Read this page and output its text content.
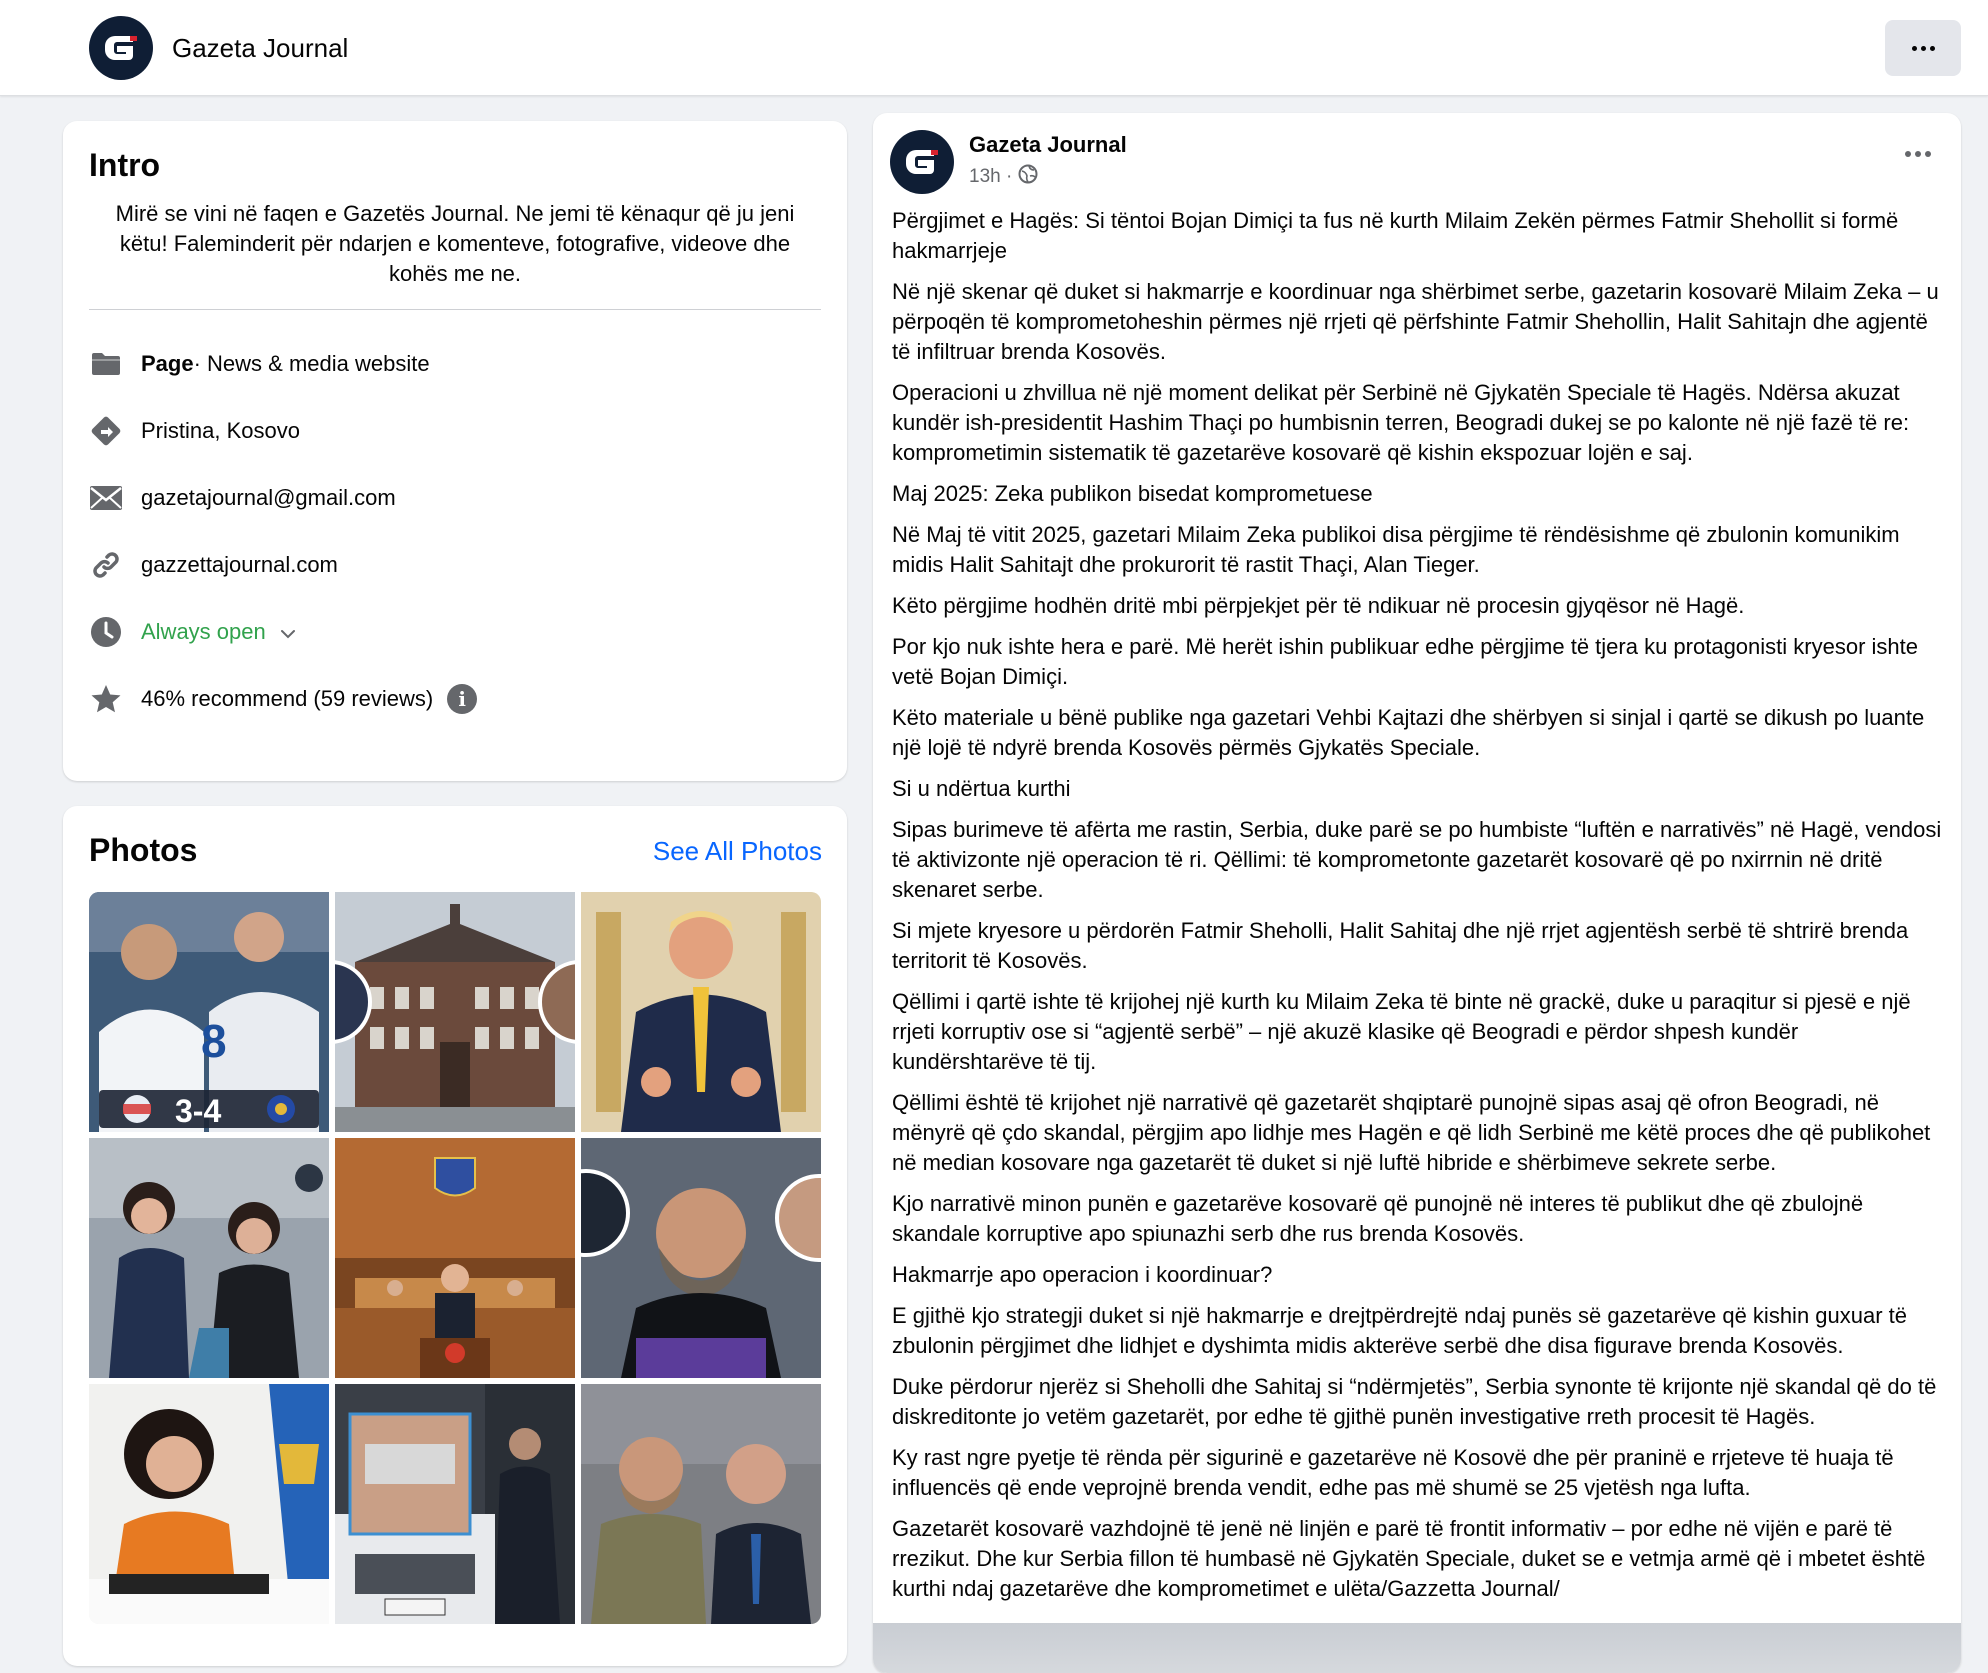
Gazeta Journal
Intro
Mirë se vini në faqen e Gazetës Journal. Ne jemi të kënaqur që ju jeni këtu! Faleminderit për ndarjen e komenteve, fotografive, videove dhe kohës me ne.
Page · News & media website
Pristina, Kosovo
gazetajournal@gmail.com
gazzettajournal.com
Always open
46% recommend (59 reviews)	i
Photos	See All Photos
8
3-4
Gazeta Journal
13h ·

Përgjimet e Hagës: Si tëntoi Bojan Dimiçi ta fus në kurth Milaim Zekën përmes Fatmir Shehollit si formë hakmarrjeje

Në një skenar që duket si hakmarrje e koordinuar nga shërbimet serbe, gazetarin kosovarë Milaim Zeka – u përpoqën të komprometoheshin përmes një rrjeti që përfshinte Fatmir Shehollin, Halit Sahitajn dhe agjentë të infiltruar brenda Kosovës.

Operacioni u zhvillua në një moment delikat për Serbinë në Gjykatën Speciale të Hagës. Ndërsa akuzat kundër ish-presidentit Hashim Thaçi po humbisnin terren, Beogradi dukej se po kalonte në një fazë të re: komprometimin sistematik të gazetarëve kosovarë që kishin ekspozuar lojën e saj.

Maj 2025: Zeka publikon bisedat komprometuese

Në Maj të vitit 2025, gazetari Milaim Zeka publikoi disa përgjime të rëndësishme që zbulonin komunikim midis Halit Sahitajt dhe prokurorit të rastit Thaçi, Alan Tieger.

Këto përgjime hodhën dritë mbi përpjekjet për të ndikuar në procesin gjyqësor në Hagë.

Por kjo nuk ishte hera e parë. Më herët ishin publikuar edhe përgjime të tjera ku protagonisti kryesor ishte vetë Bojan Dimiçi.

Këto materiale u bënë publike nga gazetari Vehbi Kajtazi dhe shërbyen si sinjal i qartë se dikush po luante një lojë të ndyrë brenda Kosovës përmës Gjykatës Speciale.

Si u ndërtua kurthi

Sipas burimeve të afërta me rastin, Serbia, duke parë se po humbiste “luftën e narrativës” në Hagë, vendosi të aktivizonte një operacion të ri. Qëllimi: të komprometonte gazetarët kosovarë që po nxirrnin në dritë skenaret serbe.

Si mjete kryesore u përdorën Fatmir Sheholli, Halit Sahitaj dhe një rrjet agjentësh serbë të shtrirë brenda territorit të Kosovës.

Qëllimi i qartë ishte të krijohej një kurth ku Milaim Zeka të binte në grackë, duke u paraqitur si pjesë e një rrjeti korruptiv ose si “agjentë serbë” – një akuzë klasike që Beogradi e përdor shpesh kundër kundërshtarëve të tij.

Qëllimi është të krijohet një narrativë që gazetarët shqiptarë punojnë sipas asaj që ofron Beogradi, në mënyrë që çdo skandal, përgjim apo lidhje mes Hagën e që lidh Serbinë me këtë proces dhe që publikohet në median kosovare nga gazetarët të duket si një luftë hibride e shërbimeve sekrete serbe.

Kjo narrativë minon punën e gazetarëve kosovarë që punojnë në interes të publikut dhe që zbulojnë skandale korruptive apo spiunazhi serb dhe rus brenda Kosovës.

Hakmarrje apo operacion i koordinuar?

E gjithë kjo strategji duket si një hakmarrje e drejtpërdrejtë ndaj punës së gazetarëve që kishin guxuar të zbulonin përgjimet dhe lidhjet e dyshimta midis akterëve serbë dhe disa figurave brenda Kosovës.

Duke përdorur njerëz si Sheholli dhe Sahitaj si “ndërmjetës”, Serbia synonte të krijonte një skandal që do të diskreditonte jo vetëm gazetarët, por edhe të gjithë punën investigative rreth procesit të Hagës.

Ky rast ngre pyetje të rënda për sigurinë e gazetarëve në Kosovë dhe për praninë e rrjeteve të huaja të influencës që ende veprojnë brenda vendit, edhe pas më shumë se 25 vjetësh nga lufta.

Gazetarët kosovarë vazhdojnë të jenë në linjën e parë të frontit informativ – por edhe në vijën e parë të rrezikut. Dhe kur Serbia fillon të humbasë në Gjykatën Speciale, duket se e vetmja armë që i mbetet është kurthi ndaj gazetarëve dhe komprometimet e ulëta/Gazzetta Journal/
